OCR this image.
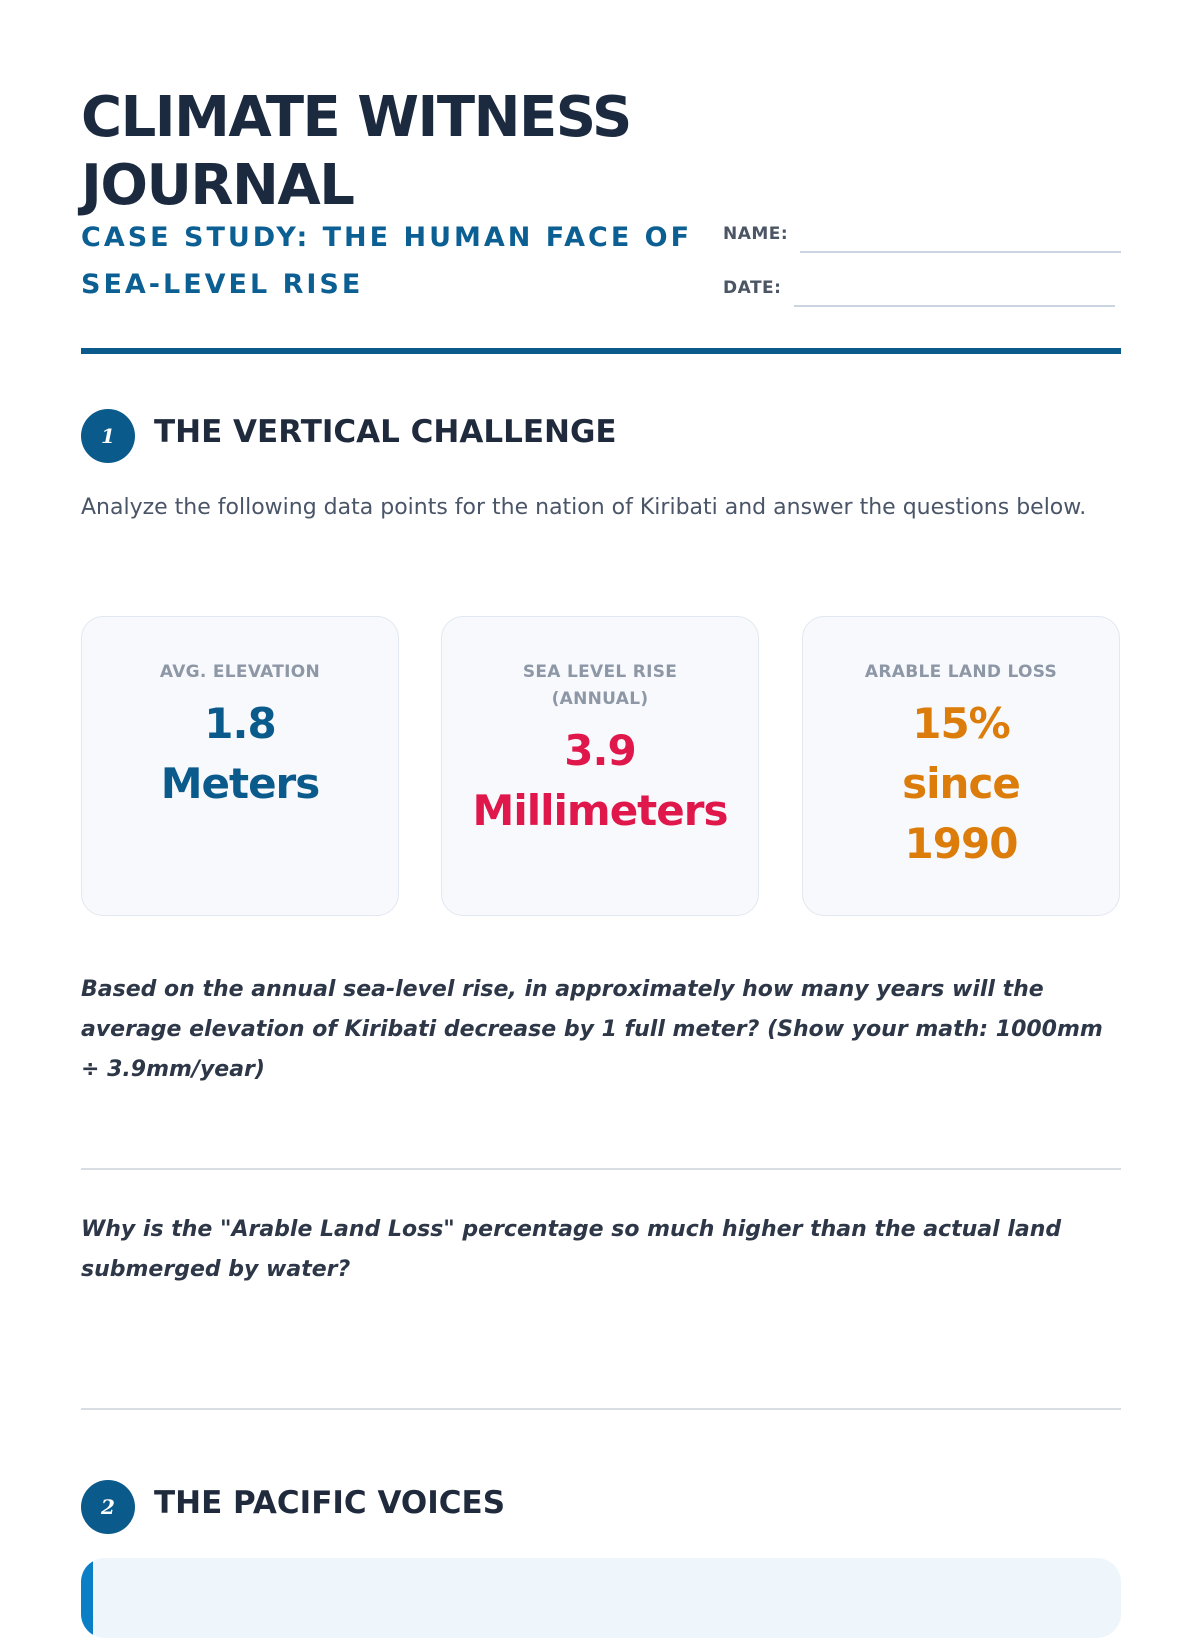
CLIMATE WITNESS JOURNAL
CASE STUDY: THE HUMAN FACE OF SEA-LEVEL RISE
NAME:
DATE:
1	THE VERTICAL CHALLENGE
Analyze the following data points for the nation of Kiribati and answer the questions below.
AVG. ELEVATION
1.8
Meters
SEA LEVEL RISE (ANNUAL)
3.9
Millimeters
ARABLE LAND LOSS
15%
since
1990

Based on the annual sea-level rise, in approximately how many years will the average elevation of Kiribati decrease by 1 full meter? (Show your math: 1000mm ÷ 3.9mm/year)

Why is the "Arable Land Loss" percentage so much higher than the actual land submerged by water?

2	THE PACIFIC VOICES
